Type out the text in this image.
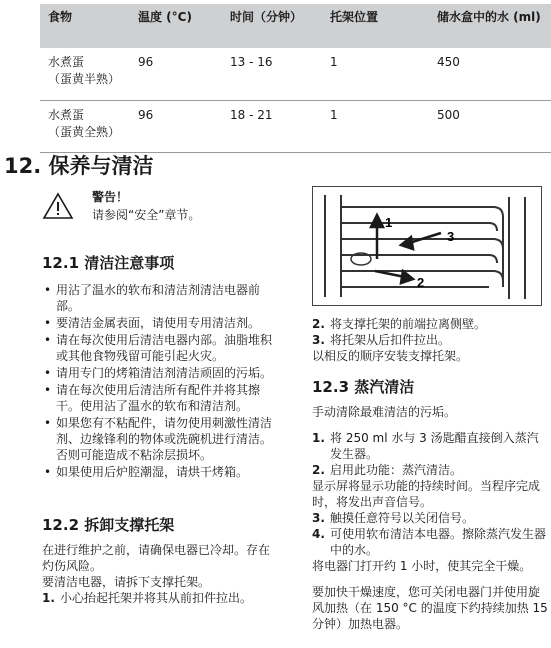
食物	温度 (°C)	时间（分钟）	托架位置	储水盒中的水 (ml)
水煮蛋
（蛋黄半熟）	96	13 - 16	1	450
水煮蛋
（蛋黄全熟）	96	18 - 21	1	500
12. 保养与清洁
警告！
请参阅“安全”章节。
12.1 清洁注意事项
• 用沾了温水的软布和清洁剂清洁电器前部。
• 要清洁金属表面，请使用专用清洁剂。
• 请在每次使用后清洁电器内部。油脂堆积或其他食物残留可能引起火灾。
• 请用专门的烤箱清洁剂清洁顽固的污垢。
• 请在每次使用后清洁所有配件并将其擦干。使用沾了温水的软布和清洁剂。
• 如果您有不粘配件，请勿使用刺激性清洁剂、边缘锋利的物体或洗碗机进行清洁。否则可能造成不粘涂层损坏。
• 如果使用后炉腔潮湿，请烘干烤箱。
12.2 拆卸支撑托架
在进行维护之前，请确保电器已冷却。存在灼伤风险。
要清洁电器，请拆下支撑托架。
1. 小心抬起托架并将其从前扣件拉出。
1
2
3
2. 将支撑托架的前端拉离侧壁。
3. 将托架从后扣件拉出。
以相反的顺序安装支撑托架。
12.3 蒸汽清洁
手动清除最难清洁的污垢。
1. 将 250 ml 水与 3 汤匙醋直接倒入蒸汽发生器。
2. 启用此功能：蒸汽清洁。
显示屏将显示功能的持续时间。当程序完成时，将发出声音信号。
3. 触摸任意符号以关闭信号。
4. 可使用软布清洁本电器。擦除蒸汽发生器中的水。
将电器门打开约 1 小时，使其完全干燥。
要加快干燥速度，您可关闭电器门并使用旋风加热（在 150 °C 的温度下约持续加热 15 分钟）加热电器。
